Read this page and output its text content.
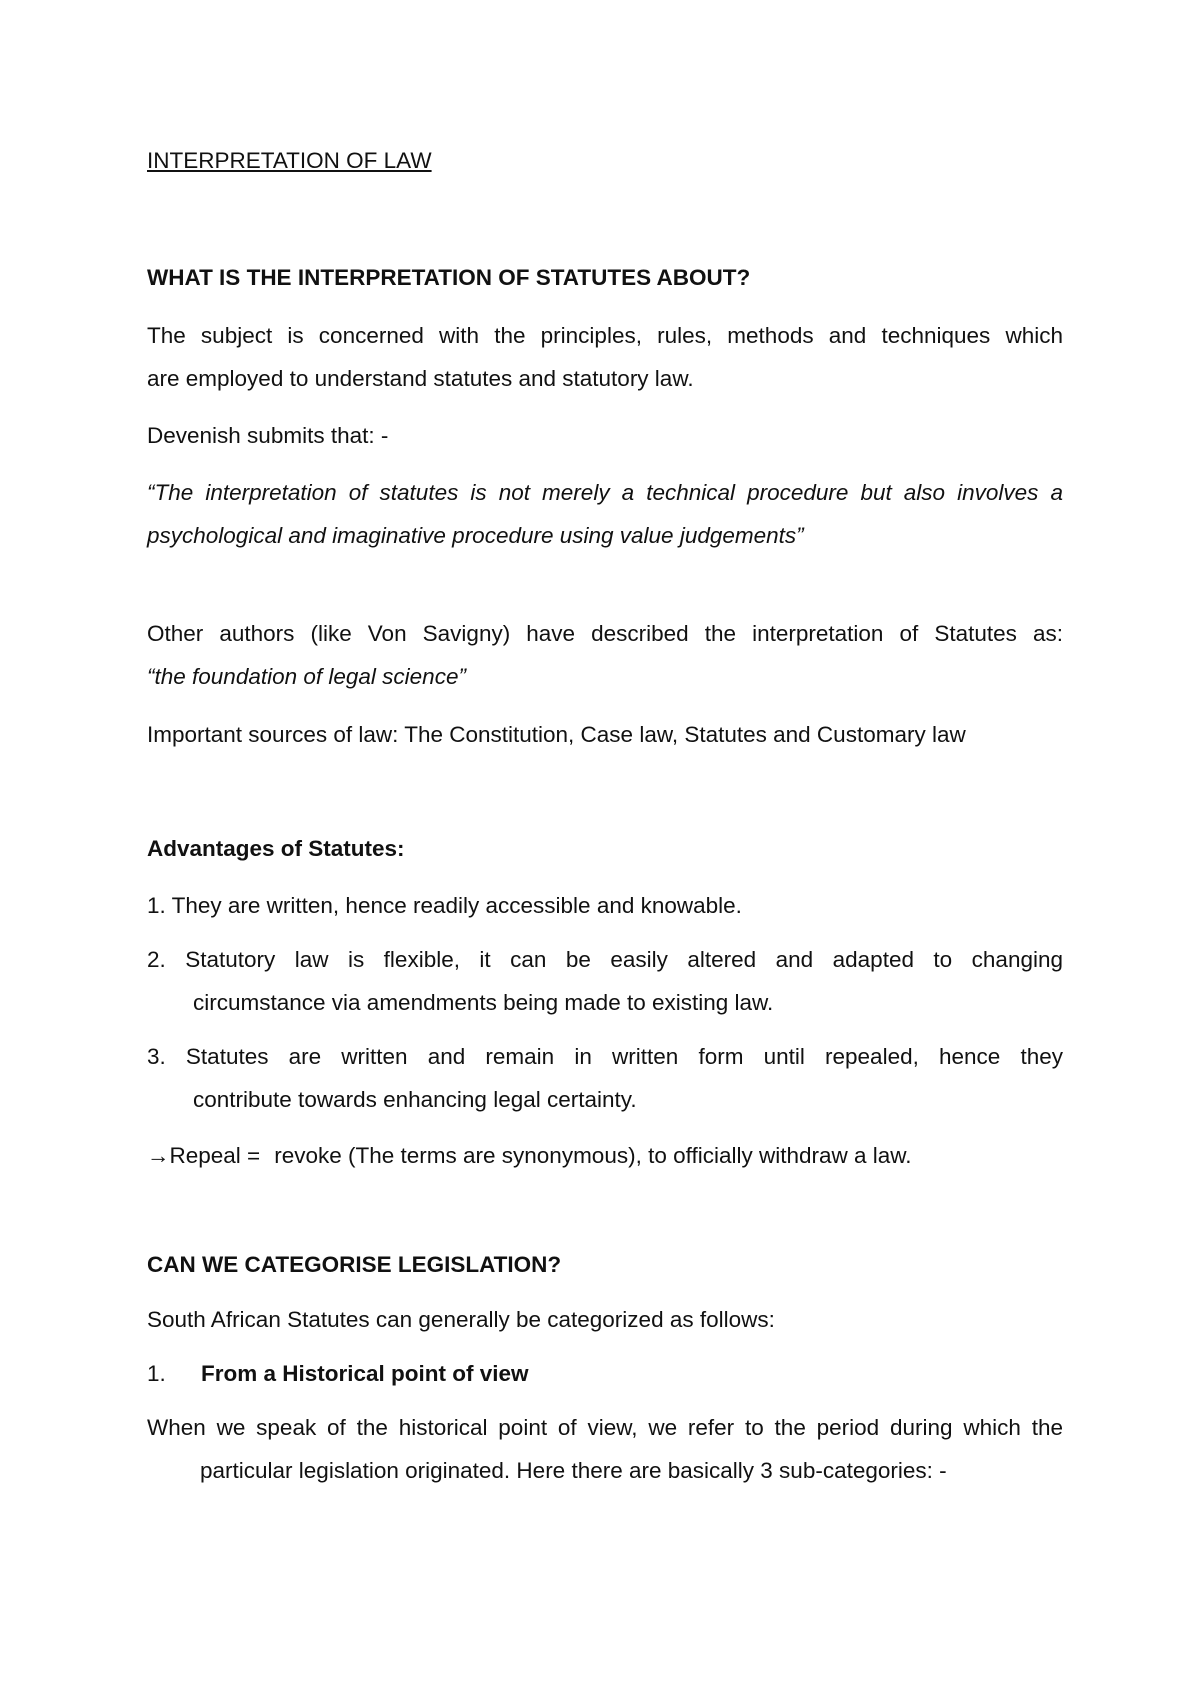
INTERPRETATION OF LAW
WHAT IS THE INTERPRETATION OF STATUTES ABOUT?
The subject is concerned with the principles, rules, methods and techniques which
are employed to understand statutes and statutory law.
Devenish submits that: -
“The interpretation of statutes is not merely a technical procedure but also involves a
psychological and imaginative procedure using value judgements”
Other authors (like Von Savigny) have described the interpretation of Statutes as:
“the foundation of legal science”
Important sources of law: The Constitution, Case law, Statutes and Customary law
Advantages of Statutes:
1. They are written, hence readily accessible and knowable.
2. Statutory law is flexible, it can be easily altered and adapted to changing
circumstance via amendments being made to existing law.
3. Statutes are written and remain in written form until repealed, hence they
contribute towards enhancing legal certainty.
→Repeal = revoke (The terms are synonymous), to officially withdraw a law.
CAN WE CATEGORISE LEGISLATION?
South African Statutes can generally be categorized as follows:
1. From a Historical point of view
When we speak of the historical point of view, we refer to the period during which the
particular legislation originated. Here there are basically 3 sub-categories: -
